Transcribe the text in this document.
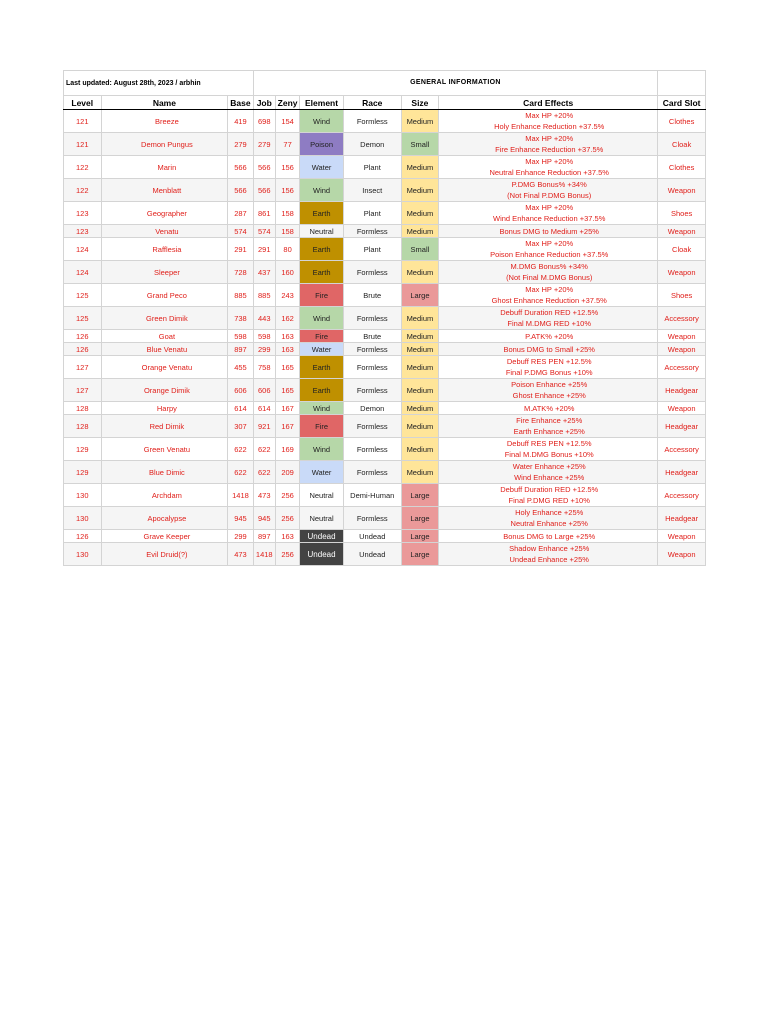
Last updated: August 28th, 2023 / arbhin			GENERAL INFORMATION						
Level	Name	Base	Job	Zeny	Element	Race	Size	Card Effects	Card Slot
121	Breeze	419	698	154	Wind	Formless	Medium	Max HP +20%
Holy Enhance Reduction +37.5%	Clothes
121	Demon Pungus	279	279	77	Poison	Demon	Small	Max HP +20%
Fire Enhance Reduction +37.5%	Cloak
122	Marin	566	566	156	Water	Plant	Medium	Max HP +20%
Neutral Enhance Reduction +37.5%	Clothes
122	Menblatt	566	566	156	Wind	Insect	Medium	P.DMG Bonus% +34%
(Not Final P.DMG Bonus)	Weapon
123	Geographer	287	861	158	Earth	Plant	Medium	Max HP +20%
Wind Enhance Reduction +37.5%	Shoes
123	Venatu	574	574	158	Neutral	Formless	Medium	Bonus DMG to Medium +25%	Weapon
124	Rafflesia	291	291	80	Earth	Plant	Small	Max HP +20%
Poison Enhance Reduction +37.5%	Cloak
124	Sleeper	728	437	160	Earth	Formless	Medium	M.DMG Bonus% +34%
(Not Final M.DMG Bonus)	Weapon
125	Grand Peco	885	885	243	Fire	Brute	Large	Max HP +20%
Ghost Enhance Reduction +37.5%	Shoes
125	Green Dimik	738	443	162	Wind	Formless	Medium	Debuff Duration RED +12.5%
Final M.DMG RED +10%	Accessory
126	Goat	598	598	163	Fire	Brute	Medium	P.ATK% +20%	Weapon
126	Blue Venatu	897	299	163	Water	Formless	Medium	Bonus DMG to Small +25%	Weapon
127	Orange Venatu	455	758	165	Earth	Formless	Medium	Debuff RES PEN +12.5%
Final P.DMG Bonus +10%	Accessory
127	Orange Dimik	606	606	165	Earth	Formless	Medium	Poison Enhance +25%
Ghost Enhance +25%	Headgear
128	Harpy	614	614	167	Wind	Demon	Medium	M.ATK% +20%	Weapon
128	Red Dimik	307	921	167	Fire	Formless	Medium	Fire Enhance +25%
Earth Enhance +25%	Headgear
129	Green Venatu	622	622	169	Wind	Formless	Medium	Debuff RES PEN +12.5%
Final M.DMG Bonus +10%	Accessory
129	Blue Dimic	622	622	209	Water	Formless	Medium	Water Enhance +25%
Wind Enhance +25%	Headgear
130	Archdam	1418	473	256	Neutral	Demi-Human	Large	Debuff Duration RED +12.5%
Final P.DMG RED +10%	Accessory
130	Apocalypse	945	945	256	Neutral	Formless	Large	Holy Enhance +25%
Neutral Enhance +25%	Headgear
126	Grave Keeper	299	897	163	Undead	Undead	Large	Bonus DMG to Large +25%	Weapon
130	Evil Druid(?)	473	1418	256	Undead	Undead	Large	Shadow Enhance +25%
Undead Enhance +25%	Weapon
